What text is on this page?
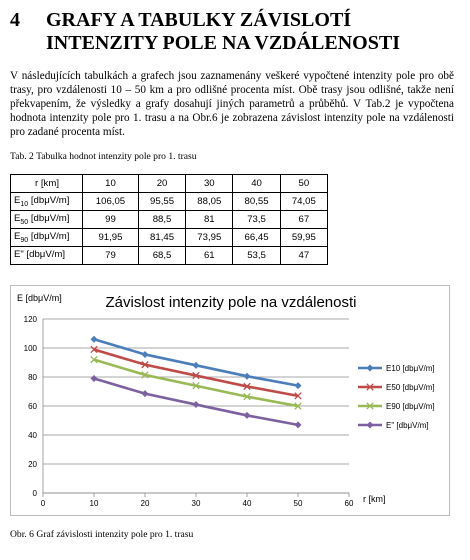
4	GRAFY A TABULKY ZÁVISLOTÍ
INTENZITY POLE NA VZDÁLENOSTI

V následujících tabulkách a grafech jsou zaznamenány veškeré vypočtené intenzity pole pro obě trasy, pro vzdálenosti 10 – 50 km a pro odlišné procenta míst. Obě trasy jsou odlišné, takže není překvapením, že výsledky a grafy dosahují jiných parametrů a průběhů. V Tab.2 je vypočtena hodnota intenzity pole pro 1. trasu a na Obr.6 je zobrazena závislost intenzity pole na vzdálenosti pro zadané procenta míst.

Tab. 2 Tabulka hodnot intenzity pole pro 1. trasu
r [km]	10	20	30	40	50
$E_{10}$ [dbμV/m]	106,05	95,55	88,05	80,55	74,05
$E_{50}$ [dbμV/m]	99	88,5	81	73,5	67
$E_{90}$ [dbμV/m]	91,95	81,45	73,95	66,45	59,95
E" [dbμV/m]	79	68,5	61	53,5	47
E [dbμV/m]	Závislost intenzity pole na vzdálenosti
r [km]
0
20
40
60
80
100
120
0	10	20	30	40	50	60
E10 [dbμV/m]
E50 [dbμV/m]
E90 [dbμV/m]
E" [dbμV/m]
Obr. 6 Graf závislosti intenzity pole pro 1. trasu
